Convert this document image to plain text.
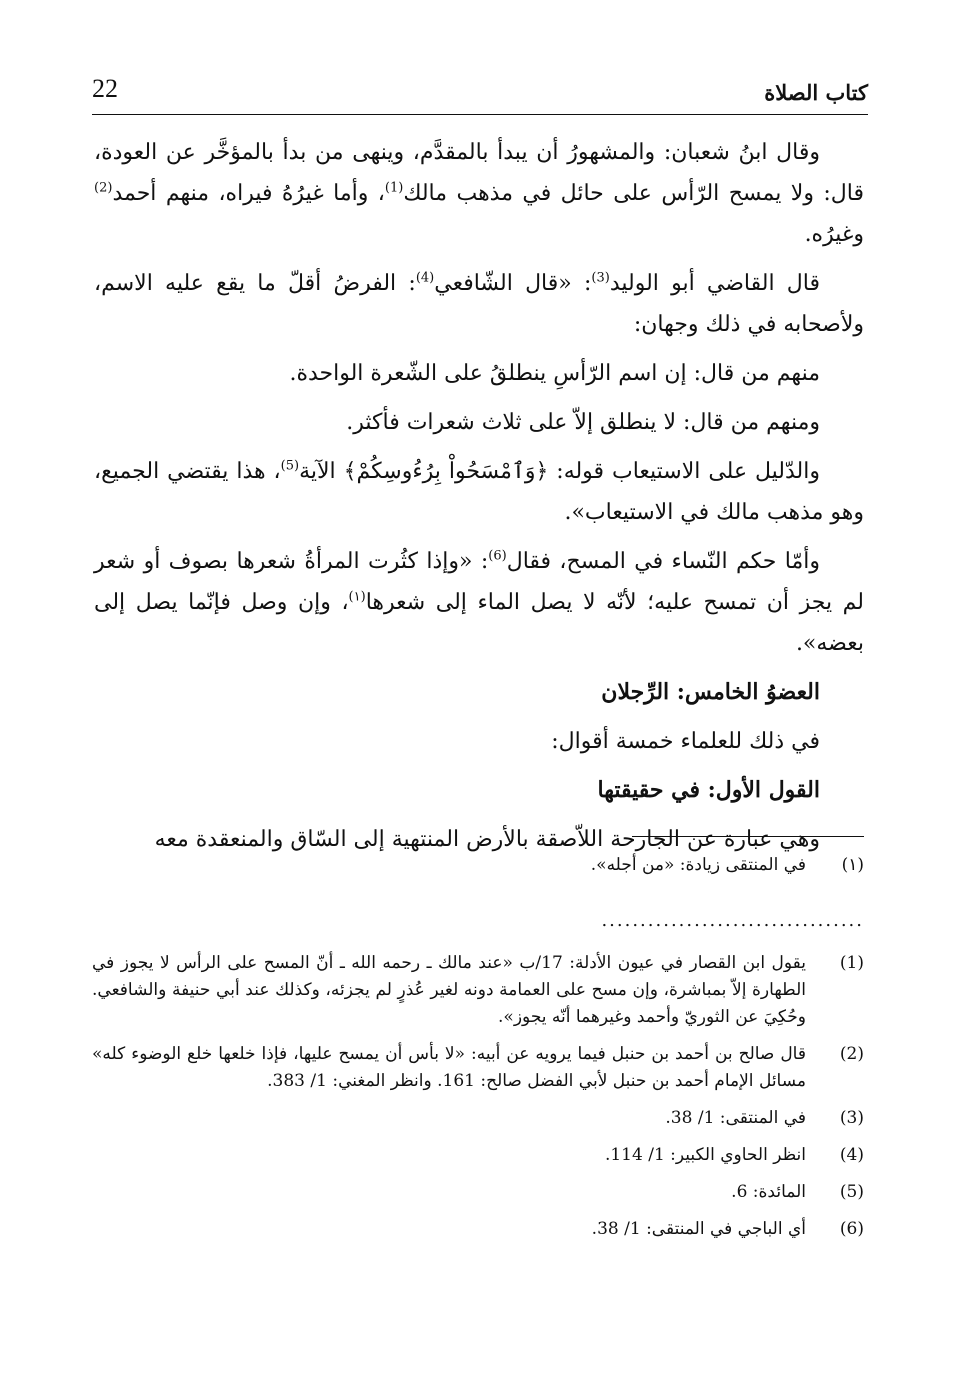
22	كتاب الصلاة

وقال ابنُ شعبان: والمشهورُ أن يبدأ بالمقدَّم، وينهى من بدأ بالمؤخَّر عن العودة، قال: ولا يمسح الرّأس على حائل في مذهب مالك$^{(1)}$، وأما غيرُهُ فيراه، منهم أحمد$^{(2)}$ وغيرُه.

قال القاضي أبو الوليد$^{(3)}$: «قال الشّافعي$^{(4)}$: الفرضُ أقلّ ما يقع عليه الاسم، ولأصحابه في ذلك وجهان:

منهم من قال: إن اسم الرّأسِ ينطلقُ على الشّعرة الواحدة.

ومنهم من قال: لا ينطلق إلاّ على ثلاث شعرات فأكثر.

والدّليل على الاستيعاب قوله: ﴿وَٱمْسَحُواْ بِرُءُوسِكُمْ﴾ الآية$^{(5)}$، هذا يقتضي الجميع، وهو مذهب مالك في الاستيعاب».

وأمّا حكم النّساء في المسح، فقال$^{(6)}$: «وإذا كثُرت المرأةُ شعرها بصوف أو شعر لم يجز أن تمسح عليه؛ لأنّه لا يصل الماء إلى شعرها$^{(١)}$، وإن وصل فإنّما يصل إلى بعضه».

العضوُ الخامس: الرِّجلان

في ذلك للعلماء خمسة أقوال:

القول الأول: في حقيقتها

وهي عبارة عن الجارحة اللاّصقة بالأرض المنتهية إلى السّاق والمنعقدة معه

(١)
في المنتقى زيادة: «من أجله».
..................................
(1)
يقول ابن القصار في عيون الأدلة: 17/ب «عند مالك ـ رحمه الله ـ أنّ المسح على الرأس لا يجوز في الطهارة إلاّ بمباشرة، وإن مسح على العمامة دونه لغير عُذرٍ لم يجزئه، وكذلك عند أبي حنيفة والشافعي. وحُكِيَ عن الثوريّ وأحمد وغيرهما أنّه يجوز».
(2)
قال صالح بن أحمد بن حنبل فيما يرويه عن أبيه: «لا بأس أن يمسح عليها، فإذا خلعها خلع الوضوء كله» مسائل الإمام أحمد بن حنبل لأبي الفضل صالح: 161. وانظر المغني: 1/ 383.
(3)
في المنتقى: 1/ 38.
(4)
انظر الحاوي الكبير: 1/ 114.
(5)
المائدة: 6.
(6)
أي الباجي في المنتقى: 1/ 38.
